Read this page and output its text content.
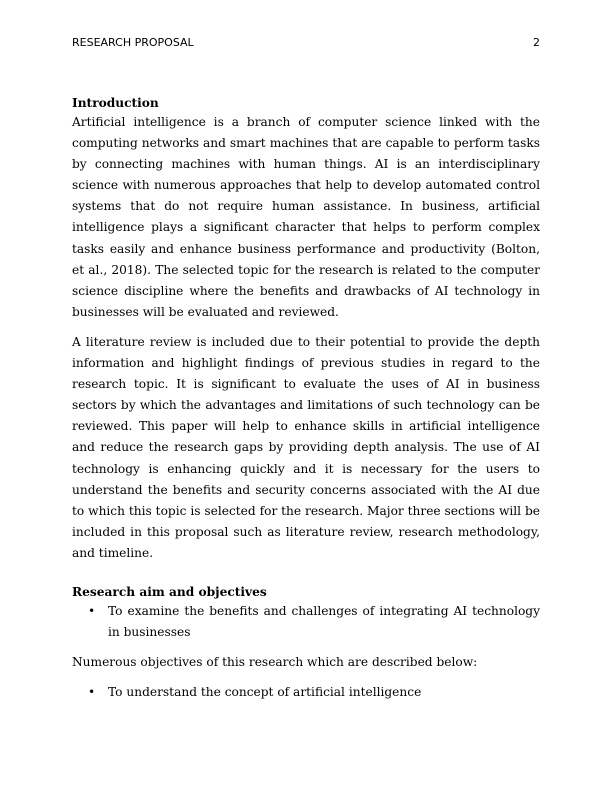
RESEARCH PROPOSAL	2

Introduction

Artificial intelligence is a branch of computer science linked with the computing networks and smart machines that are capable to perform tasks by connecting machines with human things. AI is an interdisciplinary science with numerous approaches that help to develop automated control systems that do not require human assistance. In business, artificial intelligence plays a significant character that helps to perform complex tasks easily and enhance business performance and productivity (Bolton, et al., 2018). The selected topic for the research is related to the computer science discipline where the benefits and drawbacks of AI technology in businesses will be evaluated and reviewed.

A literature review is included due to their potential to provide the depth information and highlight findings of previous studies in regard to the research topic. It is significant to evaluate the uses of AI in business sectors by which the advantages and limitations of such technology can be reviewed. This paper will help to enhance skills in artificial intelligence and reduce the research gaps by providing depth analysis. The use of AI technology is enhancing quickly and it is necessary for the users to understand the benefits and security concerns associated with the AI due to which this topic is selected for the research. Major three sections will be included in this proposal such as literature review, research methodology, and timeline.

Research aim and objectives

• To examine the benefits and challenges of integrating AI technology in businesses

Numerous objectives of this research which are described below:

• To understand the concept of artificial intelligence
